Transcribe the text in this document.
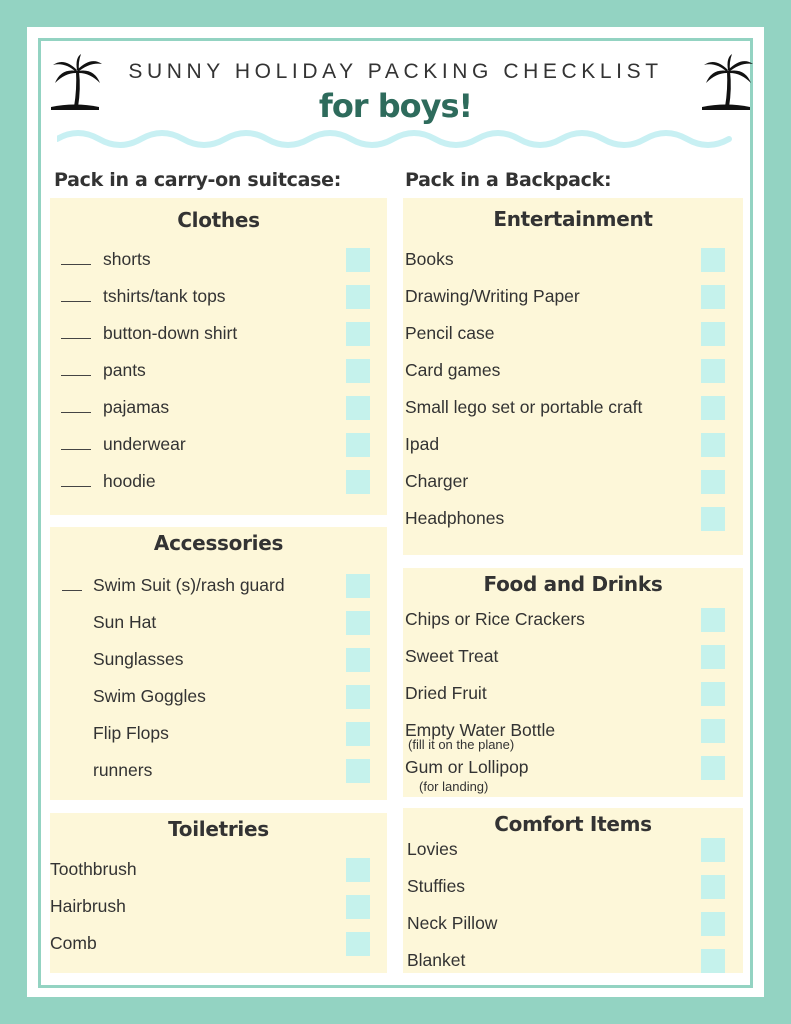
SUNNY HOLIDAY PACKING CHECKLIST
for boys!
Pack in a carry-on suitcase:	Pack in a Backpack:
Clothes
shorts
tshirts/tank tops
button-down shirt
pants
pajamas
underwear
hoodie
Accessories
Swim Suit (s)/rash guard
Sun Hat
Sunglasses
Swim Goggles
Flip Flops
runners
Toiletries
Toothbrush
Hairbrush
Comb
Entertainment
Books
Drawing/Writing Paper
Pencil case
Card games
Small lego set or portable craft
Ipad
Charger
Headphones
Food and Drinks
Chips or Rice Crackers
Sweet Treat
Dried Fruit
Empty Water Bottle
(fill it on the plane)
Gum or Lollipop
(for landing)
Comfort Items
Lovies
Stuffies
Neck Pillow
Blanket
